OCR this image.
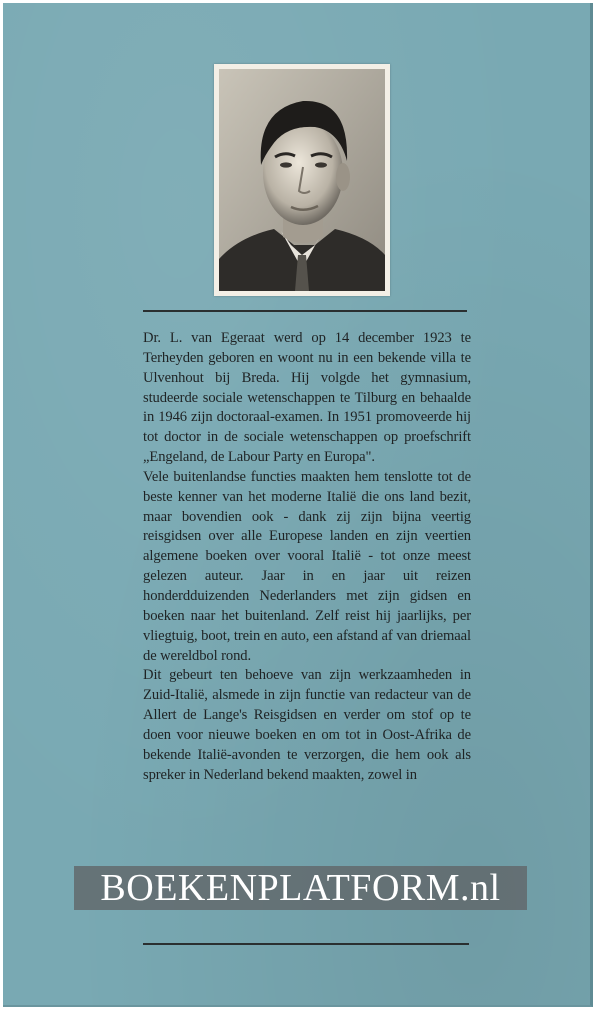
Dr. L. van Egeraat werd op 14 december 1923 te Terheyden geboren en woont nu in een bekende villa te Ulvenhout bij Breda. Hij volgde het gymnasium, studeerde sociale wetenschappen te Tilburg en behaalde in 1946 zijn doctoraal-examen. In 1951 promoveerde hij tot doctor in de sociale wetenschappen op proefschrift „Engeland, de Labour Party en Europa".

Vele buitenlandse functies maakten hem tenslotte tot de beste kenner van het moderne Italië die ons land bezit, maar bovendien ook - dank zij zijn bijna veertig reisgidsen over alle Europese landen en zijn veertien algemene boeken over vooral Italië - tot onze meest gelezen auteur. Jaar in en jaar uit reizen honderdduizenden Nederlanders met zijn gidsen en boeken naar het buitenland. Zelf reist hij jaarlijks, per vliegtuig, boot, trein en auto, een afstand af van driemaal de wereldbol rond.

Dit gebeurt ten behoeve van zijn werkzaamheden in Zuid-Italië, alsmede in zijn functie van redacteur van de Allert de Lange's Reisgidsen en verder om stof op te doen voor nieuwe boeken en om tot in Oost-Afrika de bekende Italië-avonden te verzorgen, die hem ook als spreker in Nederland bekend maakten, zowel in

BOEKENPLATFORM.nl
